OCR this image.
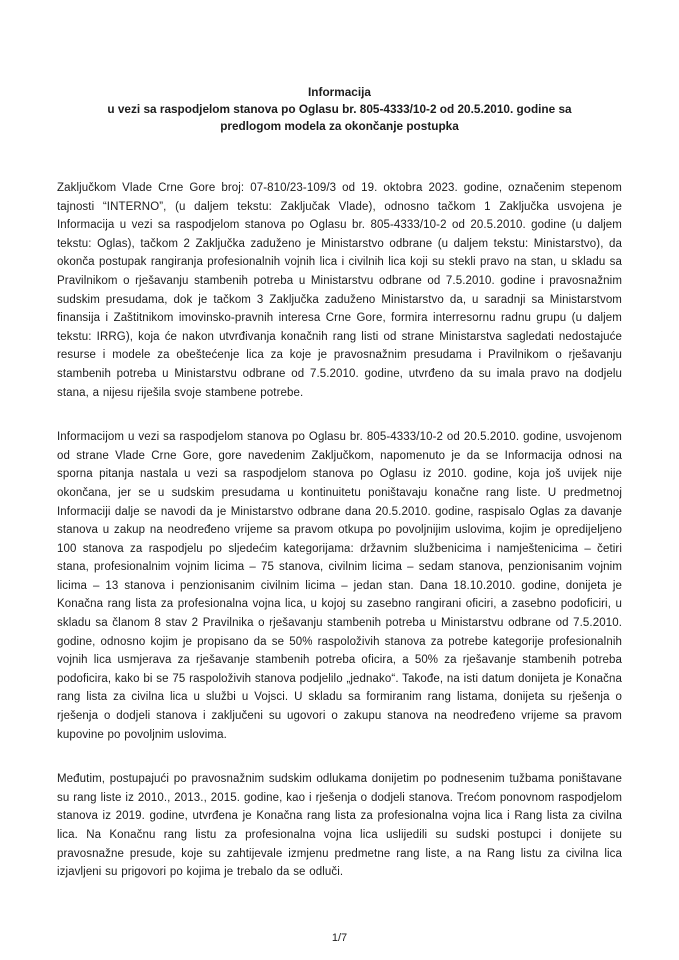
Informacija
u vezi sa raspodjelom stanova po Oglasu br. 805-4333/10-2 od 20.5.2010. godine sa
predlogom modela za okončanje postupka

Zaključkom Vlade Crne Gore broj: 07-810/23-109/3 od 19. oktobra 2023. godine, označenim stepenom tajnosti “INTERNO”, (u daljem tekstu: Zaključak Vlade), odnosno tačkom 1 Zaključka usvojena je Informacija u vezi sa raspodjelom stanova po Oglasu br. 805-4333/10-2 od 20.5.2010. godine (u daljem tekstu: Oglas), tačkom 2 Zaključka zaduženo je Ministarstvo odbrane (u daljem tekstu: Ministarstvo), da okonča postupak rangiranja profesionalnih vojnih lica i civilnih lica koji su stekli pravo na stan, u skladu sa Pravilnikom o rješavanju stambenih potreba u Ministarstvu odbrane od 7.5.2010. godine i pravosnažnim sudskim presudama, dok je tačkom 3 Zaključka zaduženo Ministarstvo da, u saradnji sa Ministarstvom finansija i Zaštitnikom imovinsko-pravnih interesa Crne Gore, formira interresornu radnu grupu (u daljem tekstu: IRRG), koja će nakon utvrđivanja konačnih rang listi od strane Ministarstva sagledati nedostajuće resurse i modele za obeštećenje lica za koje je pravosnažnim presudama i Pravilnikom o rješavanju stambenih potreba u Ministarstvu odbrane od 7.5.2010. godine, utvrđeno da su imala pravo na dodjelu stana, a nijesu riješila svoje stambene potrebe.

Informacijom u vezi sa raspodjelom stanova po Oglasu br. 805-4333/10-2 od 20.5.2010. godine, usvojenom od strane Vlade Crne Gore, gore navedenim Zaključkom, napomenuto je da se Informacija odnosi na sporna pitanja nastala u vezi sa raspodjelom stanova po Oglasu iz 2010. godine, koja još uvijek nije okončana, jer se u sudskim presudama u kontinuitetu poništavaju konačne rang liste. U predmetnoj Informaciji dalje se navodi da je Ministarstvo odbrane dana 20.5.2010. godine, raspisalo Oglas za davanje stanova u zakup na neodređeno vrijeme sa pravom otkupa po povoljnijim uslovima, kojim je opredijeljeno 100 stanova za raspodjelu po sljedećim kategorijama: državnim službenicima i namještenicima – četiri stana, profesionalnim vojnim licima – 75 stanova, civilnim licima – sedam stanova, penzionisanim vojnim licima – 13 stanova i penzionisanim civilnim licima – jedan stan. Dana 18.10.2010. godine, donijeta je Konačna rang lista za profesionalna vojna lica, u kojoj su zasebno rangirani oficiri, a zasebno podoficiri, u skladu sa članom 8 stav 2 Pravilnika o rješavanju stambenih potreba u Ministarstvu odbrane od 7.5.2010. godine, odnosno kojim je propisano da se 50% raspoloživih stanova za potrebe kategorije profesionalnih vojnih lica usmjerava za rješavanje stambenih potreba oficira, a 50% za rješavanje stambenih potreba podoficira, kako bi se 75 raspoloživih stanova podjelilo „jednako“. Takođe, na isti datum donijeta je Konačna rang lista za civilna lica u službi u Vojsci. U skladu sa formiranim rang listama, donijeta su rješenja o rješenja o dodjeli stanova i zaključeni su ugovori o zakupu stanova na neodređeno vrijeme sa pravom kupovine po povoljnim uslovima.

Međutim, postupajući po pravosnažnim sudskim odlukama donijetim po podnesenim tužbama poništavane su rang liste iz 2010., 2013., 2015. godine, kao i rješenja o dodjeli stanova. Trećom ponovnom raspodjelom stanova iz 2019. godine, utvrđena je Konačna rang lista za profesionalna vojna lica i Rang lista za civilna lica. Na Konačnu rang listu za profesionalna vojna lica uslijedili su sudski postupci i donijete su pravosnažne presude, koje su zahtijevale izmjenu predmetne rang liste, a na Rang listu za civilna lica izjavljeni su prigovori po kojima je trebalo da se odluči.

1/7
